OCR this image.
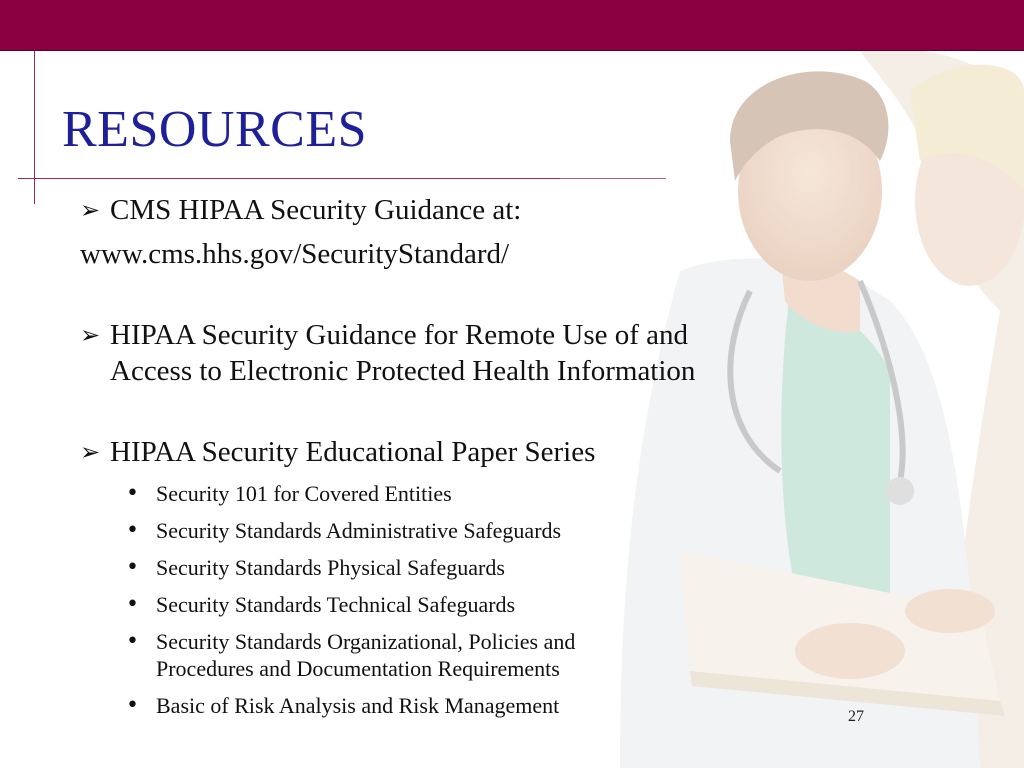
RESOURCES
➢ CMS HIPAA Security Guidance at:
www.cms.hhs.gov/SecurityStandard/
➢ HIPAA Security Guidance for Remote Use of and
Access to Electronic Protected Health Information
➢ HIPAA Security Educational Paper Series
• Security 101 for Covered Entities
• Security Standards Administrative Safeguards
• Security Standards Physical Safeguards
• Security Standards Technical Safeguards
• Security Standards Organizational, Policies and
Procedures and Documentation Requirements
• Basic of Risk Analysis and Risk Management	27
